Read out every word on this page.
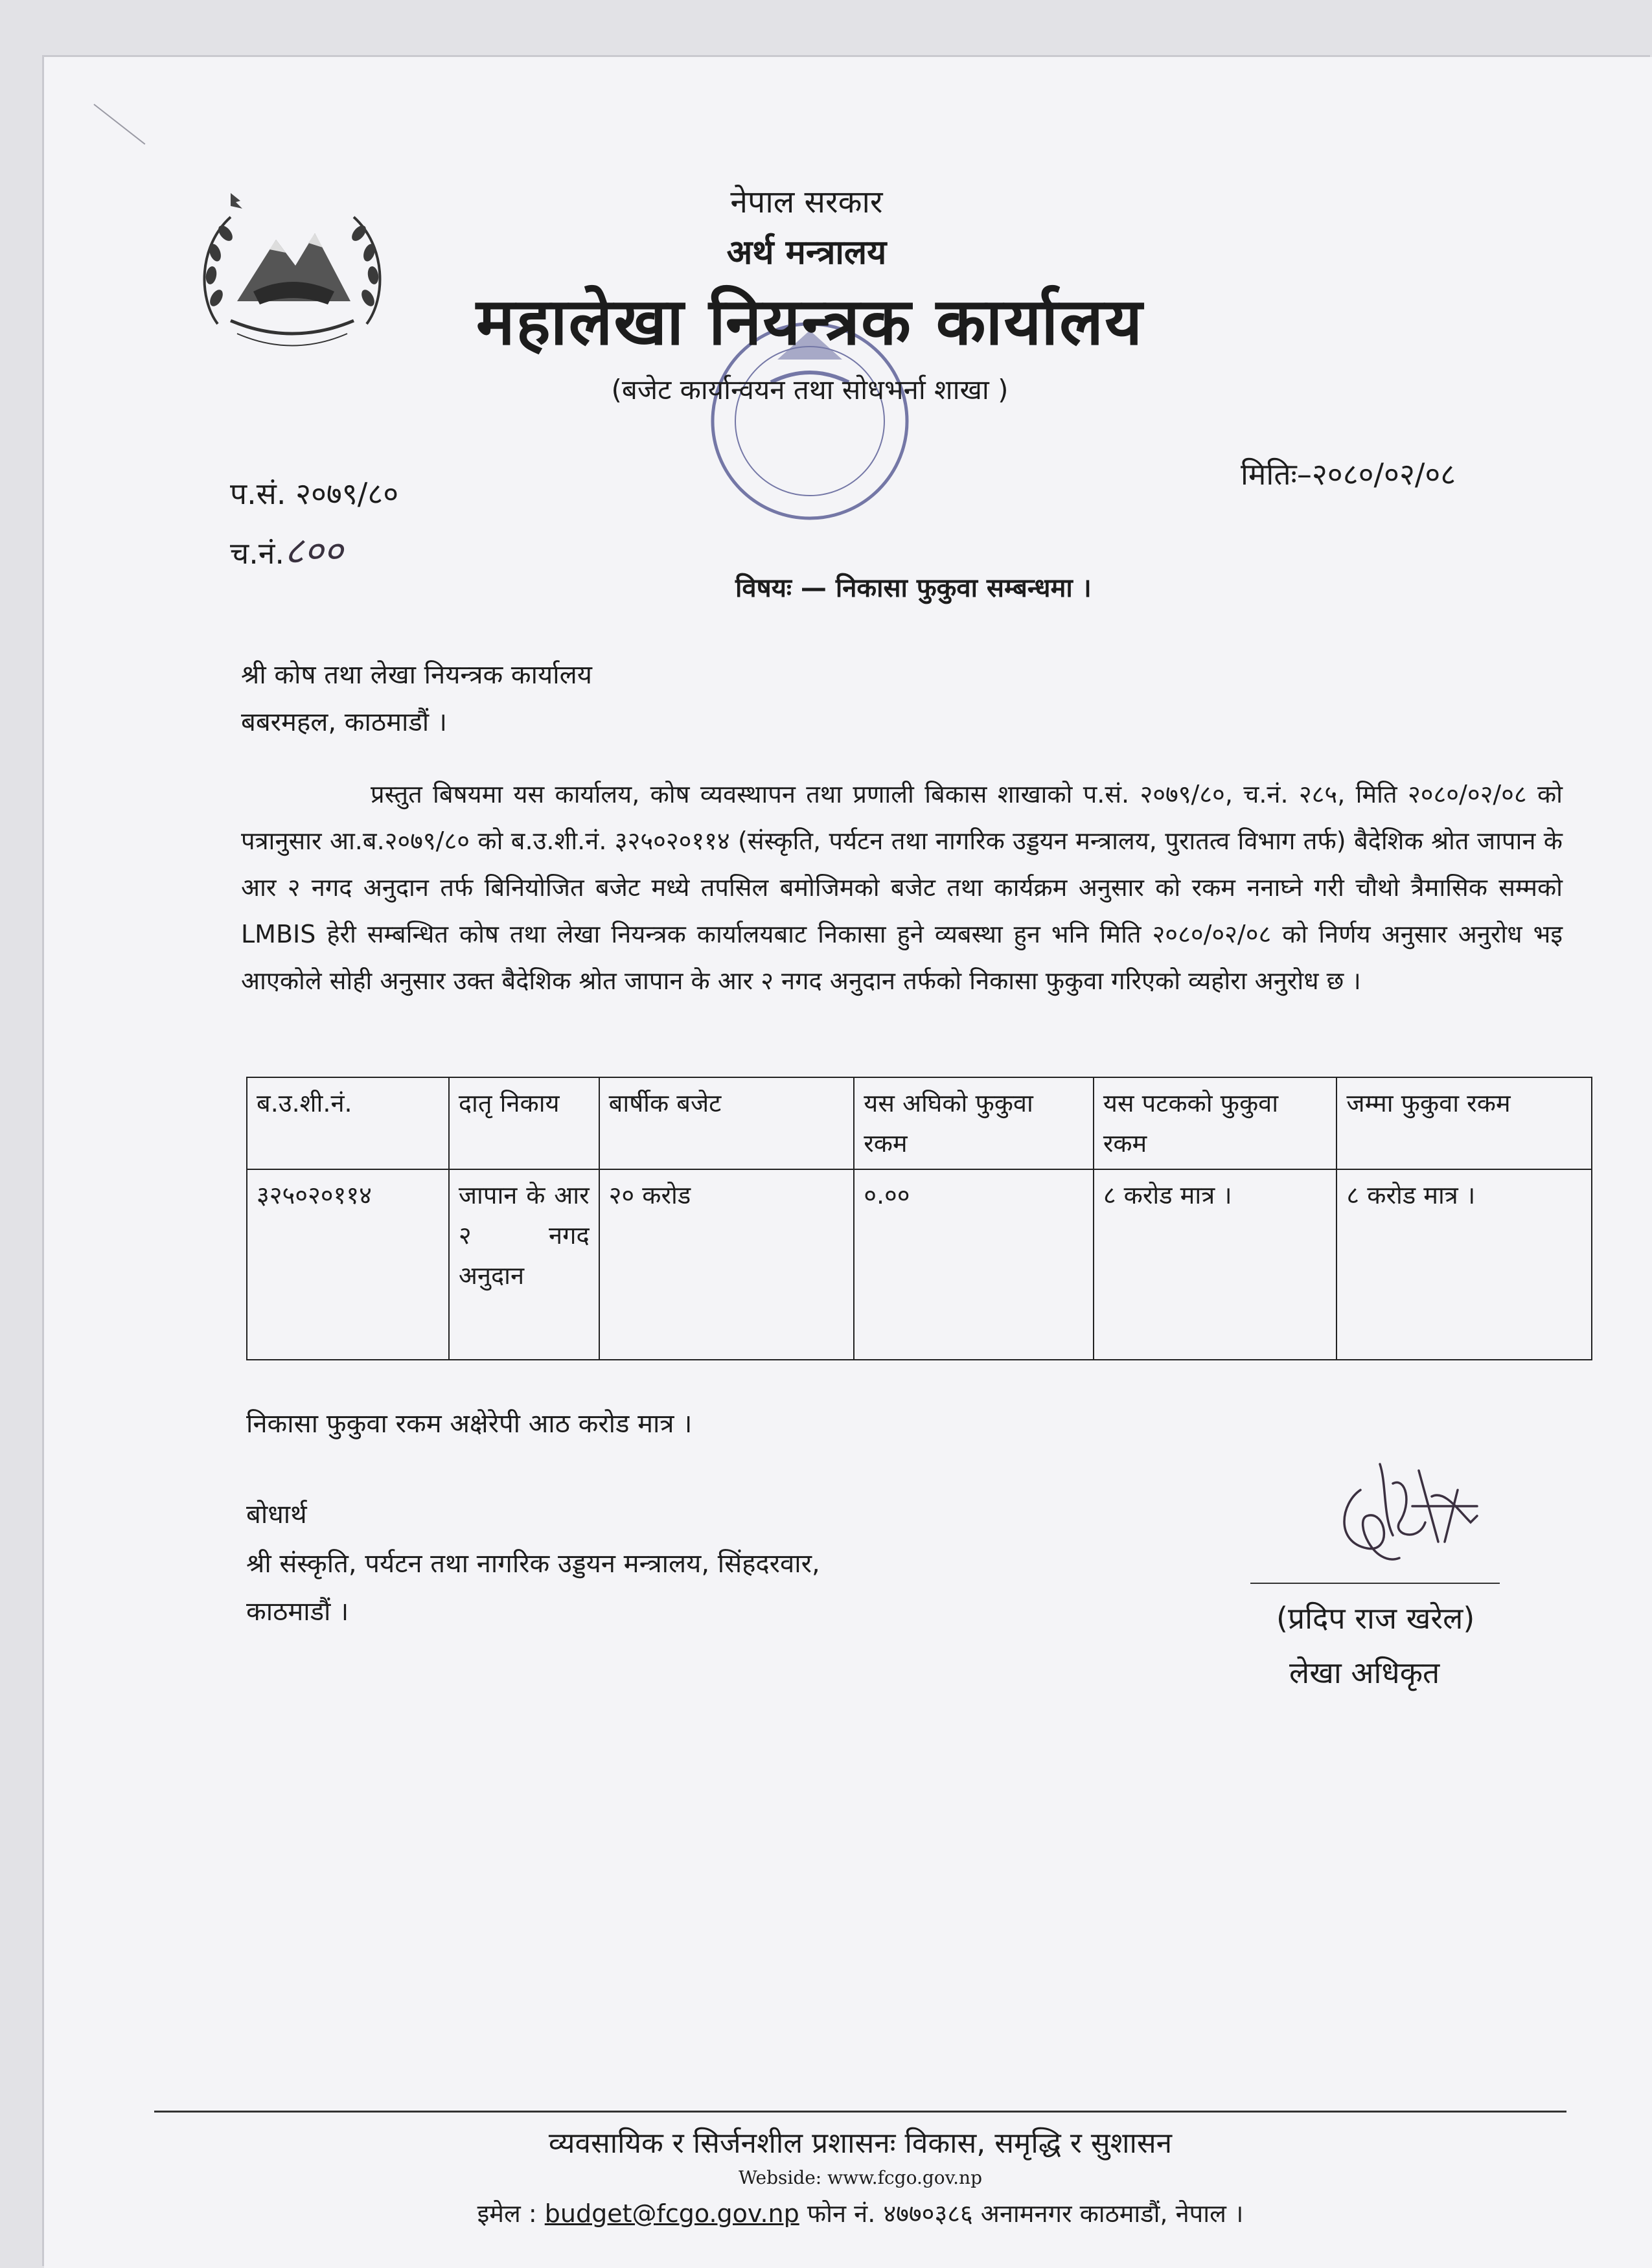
नेपाल सरकार
अर्थ मन्त्रालय
महालेखा नियन्त्रक कार्यालय
(बजेट कार्यान्वयन तथा सोधभर्ना शाखा )
प.सं. २०७९/८०
च.नं.८००
मितिः–२०८०/०२/०८
विषयः — निकासा फुकुवा सम्बन्धमा ।
श्री कोष तथा लेखा नियन्त्रक कार्यालय
बबरमहल, काठमाडौं ।
प्रस्तुत बिषयमा यस कार्यालय, कोष व्यवस्थापन तथा प्रणाली बिकास शाखाको प.सं. २०७९/८०, च.नं. २८५, मिति २०८०/०२/०८ को पत्रानुसार आ.ब.२०७९/८० को ब.उ.शी.नं. ३२५०२०११४ (संस्कृति, पर्यटन तथा नागरिक उड्डयन मन्त्रालय, पुरातत्व विभाग तर्फ) बैदेशिक श्रोत जापान के आर २ नगद अनुदान तर्फ बिनियोजित बजेट मध्ये तपसिल बमोजिमको बजेट तथा कार्यक्रम अनुसार को रकम ननाघ्ने गरी चौथो त्रैमासिक सम्मको LMBIS हेरी सम्बन्धित कोष तथा लेखा नियन्त्रक कार्यालयबाट निकासा हुने व्यबस्था हुन भनि मिति २०८०/०२/०८ को निर्णय अनुसार अनुरोध भइ आएकोले सोही अनुसार उक्त बैदेशिक श्रोत जापान के आर २ नगद अनुदान तर्फको निकासा फुकुवा गरिएको व्यहोरा अनुरोध छ ।
ब.उ.शी.नं.	दातृ निकाय	बार्षीक बजेट	यस अघिको फुकुवा रकम	यस पटकको फुकुवा रकम	जम्मा फुकुवा रकम
३२५०२०११४	जापान के आर २ नगद अनुदान	२० करोड	०.००	८ करोड मात्र ।	८ करोड मात्र ।
निकासा फुकुवा रकम अक्षेरेपी आठ करोड मात्र ।
बोधार्थ
श्री संस्कृति, पर्यटन तथा नागरिक उड्डयन मन्त्रालय, सिंहदरवार,
काठमाडौं ।	(प्रदिप राज खरेल)
लेखा अधिकृत
व्यवसायिक र सिर्जनशील प्रशासनः विकास, समृद्धि र सुशासन
Webside: www.fcgo.gov.np
इमेल : budget@fcgo.gov.np फोन नं. ४७७०३८६ अनामनगर काठमाडौं, नेपाल ।
